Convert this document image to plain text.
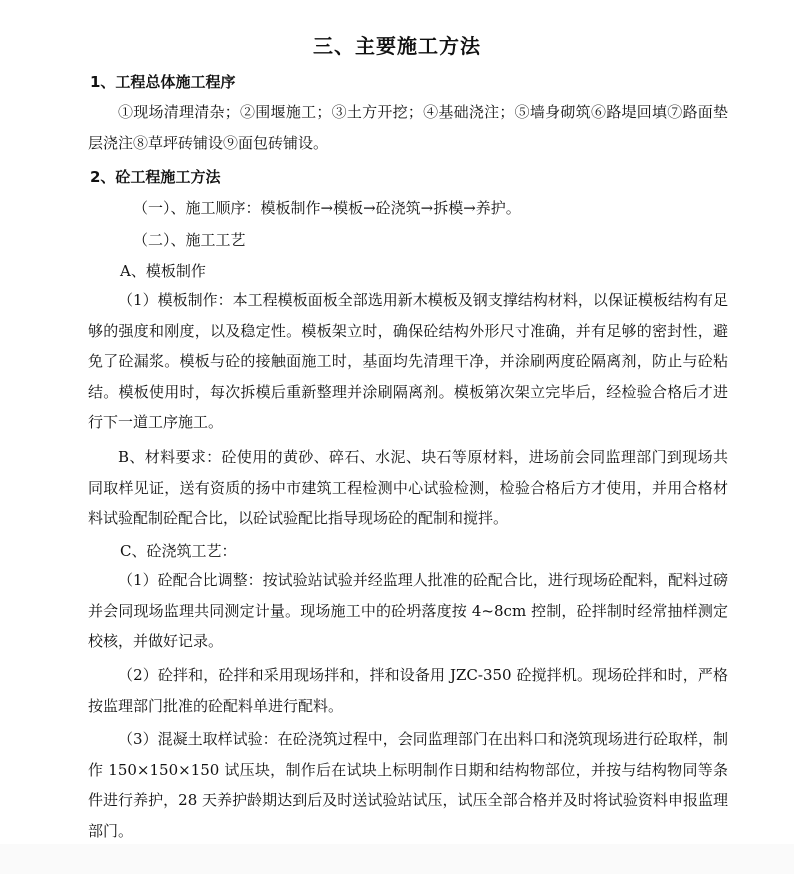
三、主要施工方法
1、工程总体施工程序
①现场清理清杂；②围堰施工；③土方开挖；④基础浇注；⑤墙身砌筑⑥路堤回填⑦路面垫层浇注⑧草坪砖铺设⑨面包砖铺设。
2、砼工程施工方法
（一）、施工顺序：模板制作→模板→砼浇筑→拆模→养护。
（二）、施工工艺
A、模板制作
（1）模板制作：本工程模板面板全部选用新木模板及钢支撑结构材料，以保证模板结构有足够的强度和刚度，以及稳定性。模板架立时，确保砼结构外形尺寸准确，并有足够的密封性，避免了砼漏浆。模板与砼的接触面施工时，基面均先清理干净，并涂刷两度砼隔离剂，防止与砼粘结。模板使用时，每次拆模后重新整理并涂刷隔离剂。模板第次架立完毕后，经检验合格后才进行下一道工序施工。
B、材料要求：砼使用的黄砂、碎石、水泥、块石等原材料，进场前会同监理部门到现场共同取样见证，送有资质的扬中市建筑工程检测中心试验检测，检验合格后方才使用，并用合格材料试验配制砼配合比，以砼试验配比指导现场砼的配制和搅拌。
C、砼浇筑工艺：
（1）砼配合比调整：按试验站试验并经监理人批准的砼配合比，进行现场砼配料，配料过磅并会同现场监理共同测定计量。现场施工中的砼坍落度按 4~8cm 控制，砼拌制时经常抽样测定校核，并做好记录。
（2）砼拌和，砼拌和采用现场拌和，拌和设备用 JZC-350 砼搅拌机。现场砼拌和时，严格按监理部门批准的砼配料单进行配料。
（3）混凝土取样试验：在砼浇筑过程中，会同监理部门在出料口和浇筑现场进行砼取样，制作 150×150×150 试压块，制作后在试块上标明制作日期和结构物部位，并按与结构物同等条件进行养护，28 天养护龄期达到后及时送试验站试压，试压全部合格并及时将试验资料申报监理部门。
